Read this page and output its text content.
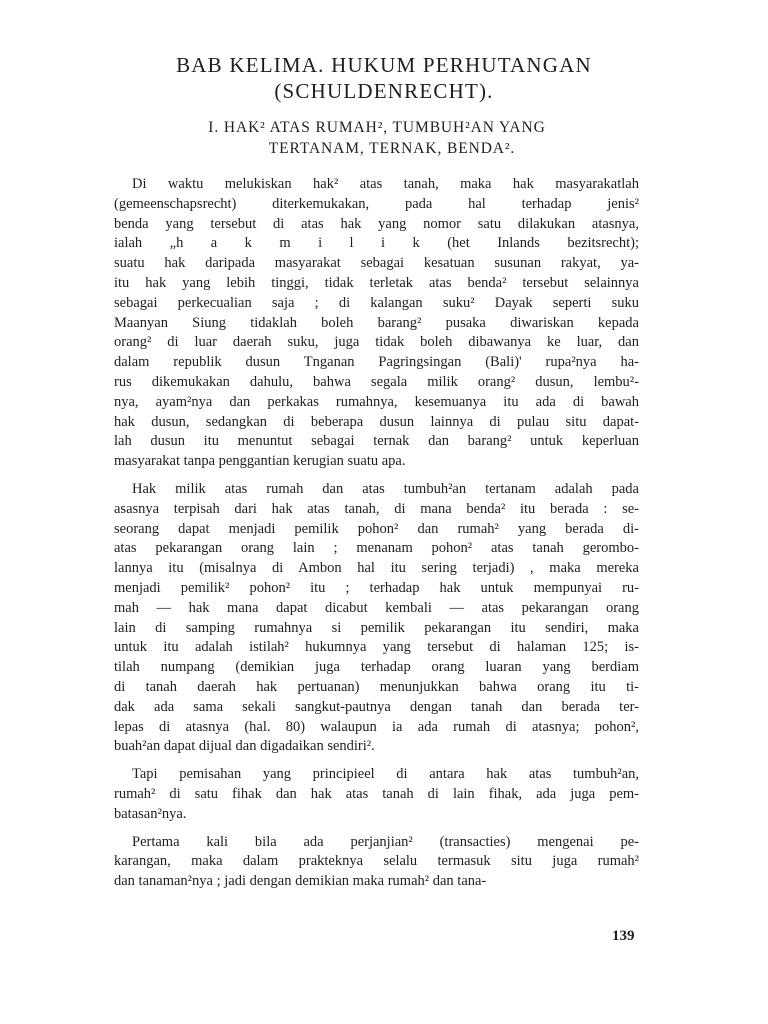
BAB KELIMA. HUKUM PERHUTANGAN
(SCHULDENRECHT).
I. HAK² ATAS RUMAH², TUMBUH²AN YANG
TERTANAM, TERNAK, BENDA².
Di waktu melukiskan hak² atas tanah, maka hak masyarakatlah
(gemeenschapsrecht) diterkemukakan, pada hal terhadap jenis²
benda yang tersebut di atas hak yang nomor satu dilakukan atasnya,
ialah „h a k m i l i k (het Inlands bezitsrecht);
suatu hak daripada masyarakat sebagai kesatuan susunan rakyat, ya-
itu hak yang lebih tinggi, tidak terletak atas benda² tersebut selainnya
sebagai perkecualian saja ; di kalangan suku² Dayak seperti suku
Maanyan Siung tidaklah boleh barang² pusaka diwariskan kepada
orang² di luar daerah suku, juga tidak boleh dibawanya ke luar, dan
dalam republik dusun Tnganan Pagringsingan (Bali)' rupa²nya ha-
rus dikemukakan dahulu, bahwa segala milik orang² dusun, lembu²-
nya, ayam²nya dan perkakas rumahnya, kesemuanya itu ada di bawah
hak dusun, sedangkan di beberapa dusun lainnya di pulau situ dapat-
lah dusun itu menuntut sebagai ternak dan barang² untuk keperluan
masyarakat tanpa penggantian kerugian suatu apa.
Hak milik atas rumah dan atas tumbuh²an tertanam adalah pada
asasnya terpisah dari hak atas tanah, di mana benda² itu berada : se-
seorang dapat menjadi pemilik pohon² dan rumah² yang berada di-
atas pekarangan orang lain ; menanam pohon² atas tanah gerombo-
lannya itu (misalnya di Ambon hal itu sering terjadi) , maka mereka
menjadi pemilik² pohon² itu ; terhadap hak untuk mempunyai ru-
mah — hak mana dapat dicabut kembali — atas pekarangan orang
lain di samping rumahnya si pemilik pekarangan itu sendiri, maka
untuk itu adalah istilah² hukumnya yang tersebut di halaman 125; is-
tilah numpang (demikian juga terhadap orang luaran yang berdiam
di tanah daerah hak pertuanan) menunjukkan bahwa orang itu ti-
dak ada sama sekali sangkut-pautnya dengan tanah dan berada ter-
lepas di atasnya (hal. 80) walaupun ia ada rumah di atasnya; pohon²,
buah²an dapat dijual dan digadaikan sendiri².
Tapi pemisahan yang principieel di antara hak atas tumbuh²an,
rumah² di satu fihak dan hak atas tanah di lain fihak, ada juga pem-
batasan²nya.
Pertama kali bila ada perjanjian² (transacties) mengenai pe-
karangan, maka dalam prakteknya selalu termasuk situ juga rumah²
dan tanaman²nya ; jadi dengan demikian maka rumah² dan tana-
139
